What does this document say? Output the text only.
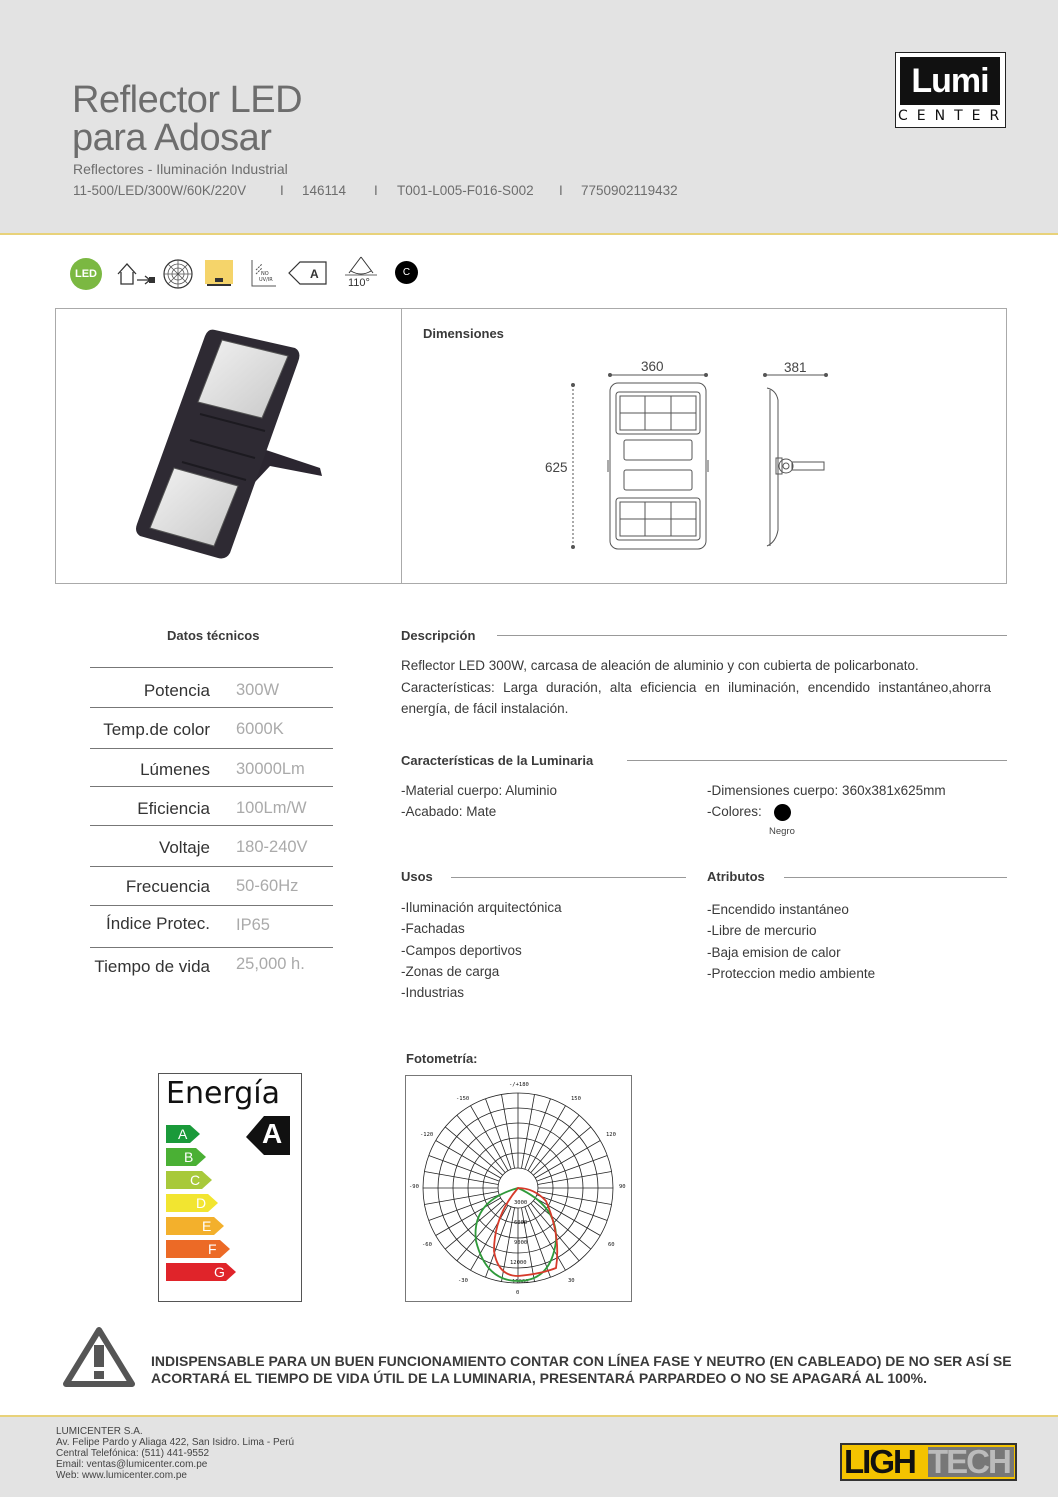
Reflector LED
para Adosar
Reflectores - Iluminación Industrial
11-500/LED/300W/60K/220V	I 146114 I T001-L005-F016-S002 I 7750902119432
Lumi
CENTER
LED	NO
UV/IR	A
110°
C
Dimensiones
360	381
625
Datos técnicos
Potencia 300W
Temp.de color 6000K
Lúmenes 30000Lm
Eficiencia 100Lm/W
Voltaje 180-240V
Frecuencia 50-60Hz
Índice Protec. IP65
Tiempo de vida 25,000 h.
Descripción
Reflector LED 300W, carcasa de aleación de aluminio y con cubierta de policarbonato.
Características: Larga duración, alta eficiencia en iluminación, encendido instantáneo,ahorra
energía, de fácil instalación.
Características de la Luminaria
-Material cuerpo: Aluminio
-Acabado: Mate
-Dimensiones cuerpo: 360x381x625mm
-Colores:
Negro
Usos
-Iluminación arquitectónica
-Fachadas
-Campos deportivos
-Zonas de carga
-Industrias
Atributos
-Encendido instantáneo
-Libre de mercurio
-Baja emision de calor
-Proteccion medio ambiente
Energía
A
B
C
D
E
F
G
A
Fotometría:
-/+180
-150	150
-120	120
-90	90
-60	60
-30	30
0
3000
6000
9000
12000
15000
INDISPENSABLE PARA UN BUEN FUNCIONAMIENTO CONTAR CON LÍNEA FASE Y NEUTRO (EN CABLEADO) DE NO SER ASÍ SE
ACORTARÁ EL TIEMPO DE VIDA ÚTIL DE LA LUMINARIA, PRESENTARÁ PARPARDEO O NO SE APAGARÁ AL 100%.
LUMICENTER S.A.
Av. Felipe Pardo y Aliaga 422, San Isidro. Lima - Perú
Central Telefónica: (511) 441-9552
Email: ventas@lumicenter.com.pe
Web: www.lumicenter.com.pe	LIGH TECH
